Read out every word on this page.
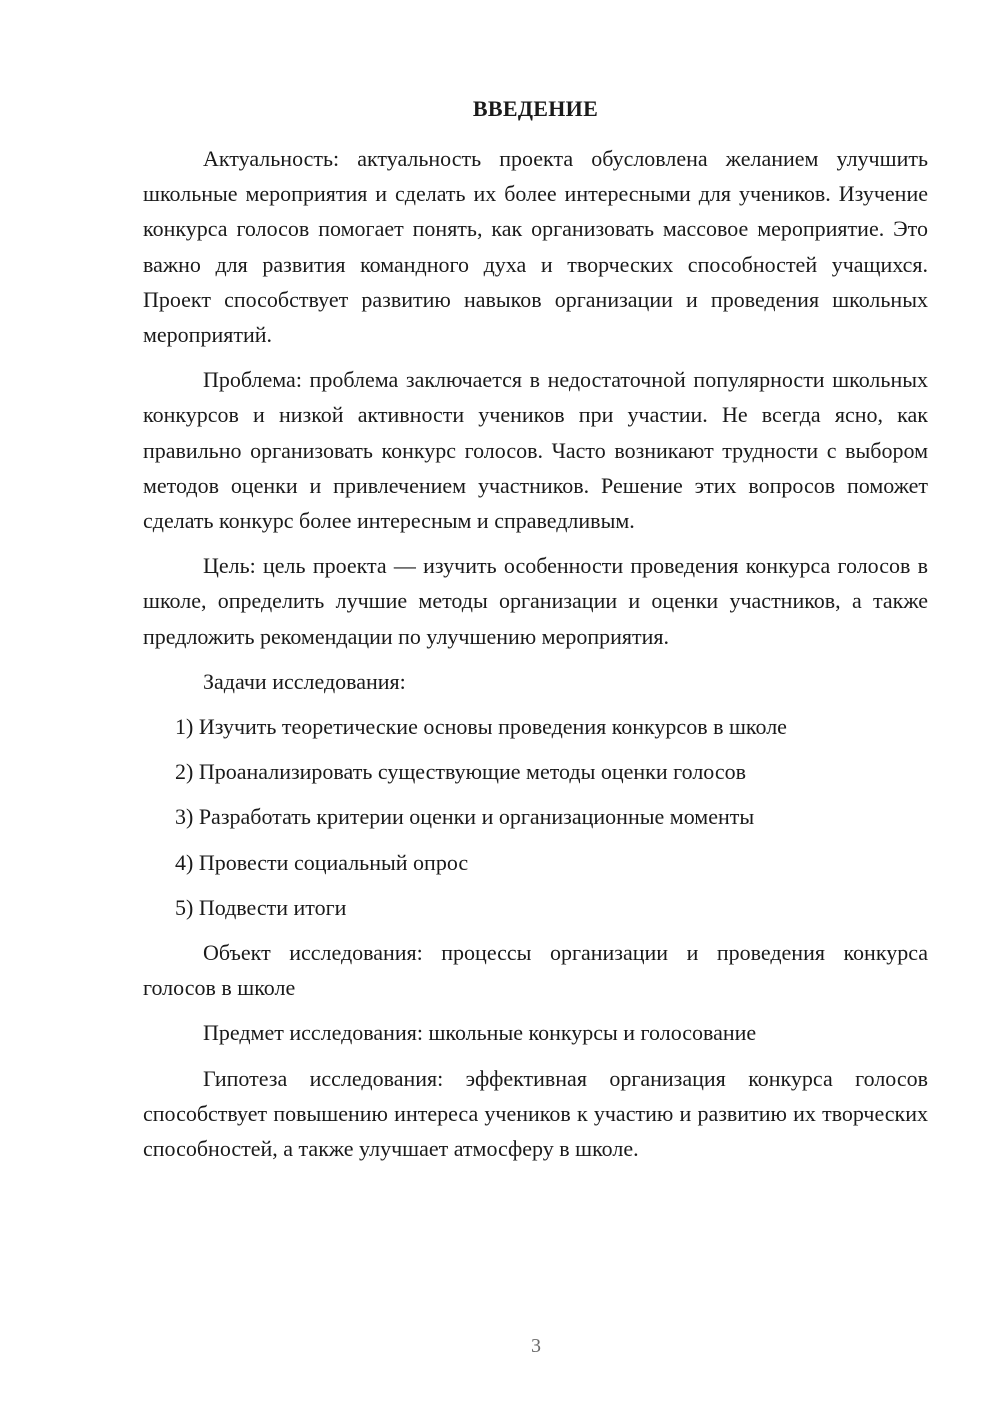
ВВЕДЕНИЕ

Актуальность: актуальность проекта обусловлена желанием улучшить школьные мероприятия и сделать их более интересными для учеников. Изучение конкурса голосов помогает понять, как организовать массовое мероприятие. Это важно для развития командного духа и творческих способностей учащихся. Проект способствует развитию навыков организации и проведения школьных мероприятий.

Проблема: проблема заключается в недостаточной популярности школьных конкурсов и низкой активности учеников при участии. Не всегда ясно, как правильно организовать конкурс голосов. Часто возникают трудности с выбором методов оценки и привлечением участников. Решение этих вопросов поможет сделать конкурс более интересным и справедливым.

Цель: цель проекта — изучить особенности проведения конкурса голосов в школе, определить лучшие методы организации и оценки участников, а также предложить рекомендации по улучшению мероприятия.

Задачи исследования:

1) Изучить теоретические основы проведения конкурсов в школе

2) Проанализировать существующие методы оценки голосов

3) Разработать критерии оценки и организационные моменты

4) Провести социальный опрос

5) Подвести итоги

Объект исследования: процессы организации и проведения конкурса голосов в школе

Предмет исследования: школьные конкурсы и голосование

Гипотеза исследования: эффективная организация конкурса голосов способствует повышению интереса учеников к участию и развитию их творческих способностей, а также улучшает атмосферу в школе.

3
